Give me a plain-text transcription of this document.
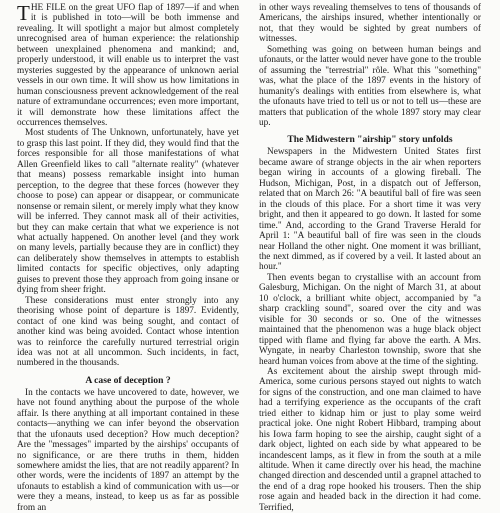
THE FILE on the great UFO flap of 1897—if and when it is published in toto—will be both immense and revealing. It will spotlight a major but almost completely unrecognised area of human experience: the relationship between unexplained phenomena and mankind; and, properly understood, it will enable us to interpret the vast mysteries suggested by the appearance of unknown aerial vessels in our own time. It will show us how limitations in human consciousness prevent acknowledgement of the real nature of extramundane occurrences; even more important, it will demonstrate how these limitations affect the occurrences themselves.

Most students of The Unknown, unfortunately, have yet to grasp this last point. If they did, they would find that the forces responsible for all those manifestations of what Allen Greenfield likes to call "alternate reality" (whatever that means) possess remarkable insight into human perception, to the degree that these forces (however they choose to pose) can appear or disappear, or communicate nonsense or remain silent, or merely imply what they know will be inferred. They cannot mask all of their activities, but they can make certain that what we experience is not what actually happened. On another level (and they work on many levels, partially because they are in conflict) they can deliberately show themselves in attempts to establish limited contacts for specific objectives, only adapting guises to prevent those they approach from going insane or dying from sheer fright.

These considerations must enter strongly into any theorising whose point of departure is 1897. Evidently, contact of one kind was being sought, and contact of another kind was being avoided. Contact whose intention was to reinforce the carefully nurtured terrestrial origin idea was not at all uncommon. Such incidents, in fact, numbered in the thousands.

A case of deception ?

In the contacts we have uncovered to date, however, we have not found anything about the purpose of the whole affair. Is there anything at all important contained in these contacts—anything we can infer beyond the observation that the ufonauts used deception? How much deception? Are the "messages" imparted by the airships' occupants of no significance, or are there truths in them, hidden somewhere amidst the lies, that are not readily apparent? In other words, were the incidents of 1897 an attempt by the ufonauts to establish a kind of communication with us—or were they a means, instead, to keep us as far as possible from an

in other ways revealing themselves to tens of thousands of Americans, the airships insured, whether intentionally or not, that they would be sighted by great numbers of witnesses.

Something was going on between human beings and ufonauts, or the latter would never have gone to the trouble of assuming the "terrestrial" rôle. What this "something" was, what the place of the 1897 events in the history of humanity's dealings with entities from elsewhere is, what the ufonauts have tried to tell us or not to tell us—these are matters that publication of the whole 1897 story may clear up.

The Midwestern "airship" story unfolds

Newspapers in the Midwestern United States first became aware of strange objects in the air when reporters began wiring in accounts of a glowing fireball. The Hudson, Michigan, Post, in a dispatch out of Jefferson, related that on March 26: "A beautiful ball of fire was seen in the clouds of this place. For a short time it was very bright, and then it appeared to go down. It lasted for some time." And, according to the Grand Traverse Herald for April 1: "A beautiful ball of fire was seen in the clouds near Holland the other night. One moment it was brilliant, the next dimmed, as if covered by a veil. It lasted about an hour."

Then events began to crystallise with an account from Galesburg, Michigan. On the night of March 31, at about 10 o'clock, a brilliant white object, accompanied by "a sharp crackling sound", soared over the city and was visible for 30 seconds or so. One of the witnesses maintained that the phenomenon was a huge black object tipped with flame and flying far above the earth. A Mrs. Wyngate, in nearby Charleston township, swore that she heard human voices from above at the time of the sighting.

As excitement about the airship swept through mid-America, some curious persons stayed out nights to watch for signs of the construction, and one man claimed to have had a terrifying experience as the occupants of the craft tried either to kidnap him or just to play some weird practical joke. One night Robert Hibbard, tramping about his Iowa farm hoping to see the airship, caught sight of a dark object, lighted on each side by what appeared to be incandescent lamps, as it flew in from the south at a mile altitude. When it came directly over his head, the machine changed direction and descended until a grapnel attached to the end of a drag rope hooked his trousers. Then the ship rose again and headed back in the direction it had come. Terrified,
